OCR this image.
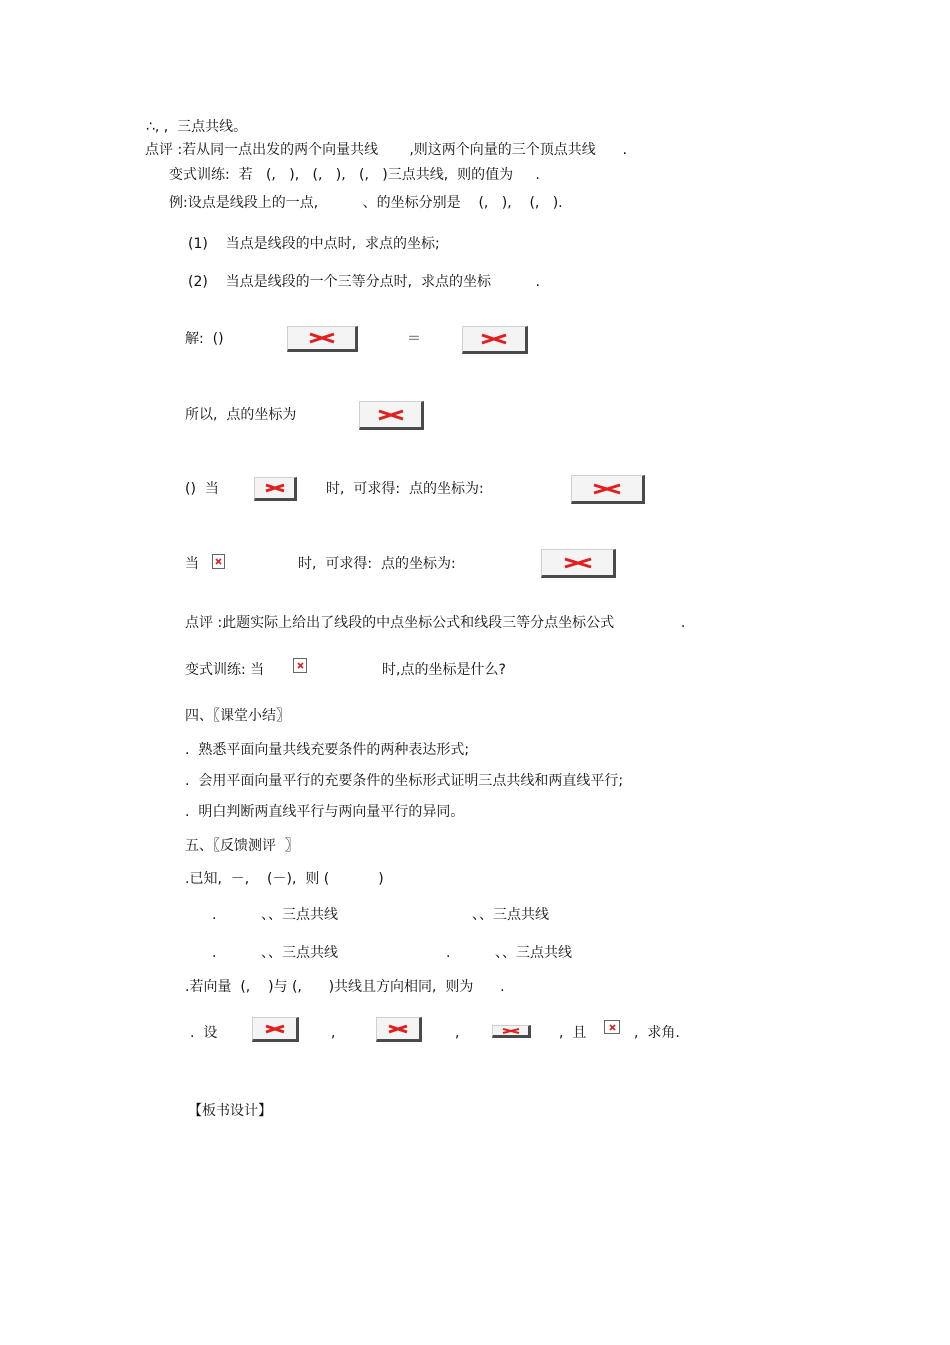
∴, ,  三点共线。
点评 :若从同一点出发的两个向量共线       ,则这两个向量的三个顶点共线      .
变式训练:  若   (,   ),   (,   ),   (,   )三点共线,  则的值为     .
例:设点是线段上的一点,          、的坐标分别是    (,   ),    (,   ).
(1)    当点是线段的中点时,  求点的坐标;
(2)    当点是线段的一个三等分点时,  求点的坐标          .
解:  ()	＝
所以,  点的坐标为
()  当	时,  可求得:  点的坐标为:
当	时,  可求得:  点的坐标为:
点评 :此题实际上给出了线段的中点坐标公式和线段三等分点坐标公式               .
变式训练: 当	时,点的坐标是什么?
四、〖课堂小结〗
.  熟悉平面向量共线充要条件的两种表达形式;
.  会用平面向量平行的充要条件的坐标形式证明三点共线和两直线平行;
.  明白判断两直线平行与两向量平行的异同。
五、〖反馈测评  〗
.已知,  －,    (－),  则 (           )
.          、、三点共线	、、三点共线
.          、、三点共线	.          、、三点共线
.若向量  (,    )与 (,      )共线且方向相同,  则为      .
.  设	,	,	,  且	,  求角.
【板书设计】
